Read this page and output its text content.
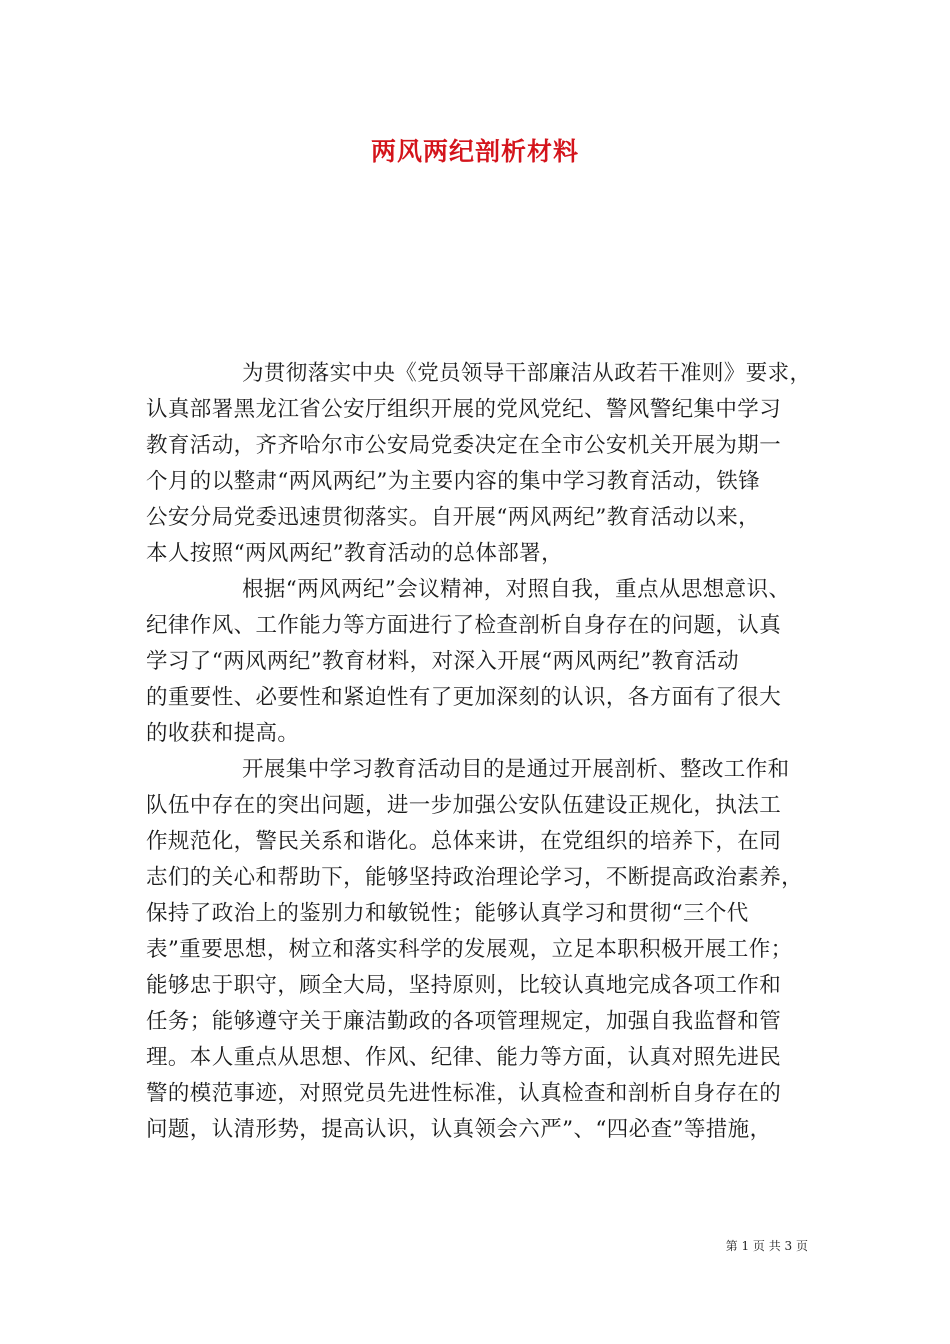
两风两纪剖析材料
为贯彻落实中央《党员领导干部廉洁从政若干准则》要求，
认真部署黑龙江省公安厅组织开展的党风党纪、警风警纪集中学习
教育活动，齐齐哈尔市公安局党委决定在全市公安机关开展为期一
个月的以整肃“两风两纪”为主要内容的集中学习教育活动，铁锋
公安分局党委迅速贯彻落实。自开展“两风两纪”教育活动以来，
本人按照“两风两纪”教育活动的总体部署，
根据“两风两纪”会议精神，对照自我，重点从思想意识、
纪律作风、工作能力等方面进行了检查剖析自身存在的问题，认真
学习了“两风两纪”教育材料，对深入开展“两风两纪”教育活动
的重要性、必要性和紧迫性有了更加深刻的认识，各方面有了很大
的收获和提高。
开展集中学习教育活动目的是通过开展剖析、整改工作和
队伍中存在的突出问题，进一步加强公安队伍建设正规化，执法工
作规范化，警民关系和谐化。总体来讲，在党组织的培养下，在同
志们的关心和帮助下，能够坚持政治理论学习，不断提高政治素养，
保持了政治上的鉴别力和敏锐性；能够认真学习和贯彻“三个代
表”重要思想，树立和落实科学的发展观，立足本职积极开展工作；
能够忠于职守，顾全大局，坚持原则，比较认真地完成各项工作和
任务；能够遵守关于廉洁勤政的各项管理规定，加强自我监督和管
理。本人重点从思想、作风、纪律、能力等方面，认真对照先进民
警的模范事迹，对照党员先进性标准，认真检查和剖析自身存在的
问题，认清形势，提高认识，认真领会六严”、“四必查”等措施，
第 1 页 共 3 页
